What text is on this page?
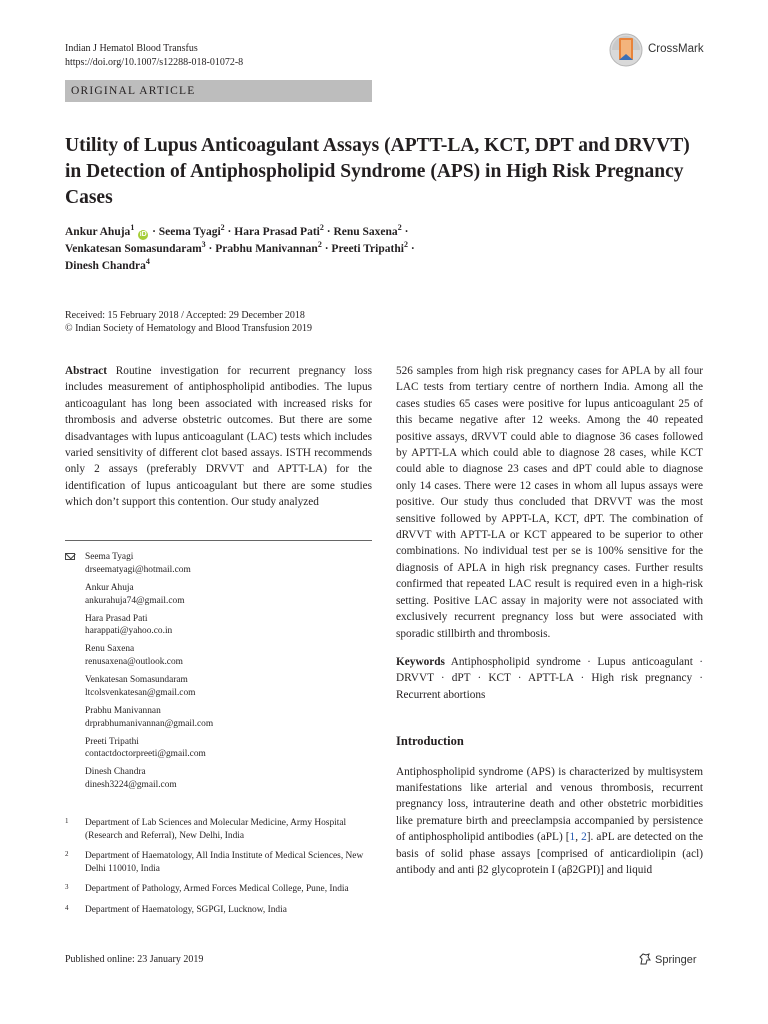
Indian J Hematol Blood Transfus
https://doi.org/10.1007/s12288-018-01072-8
CrossMark
ORIGINAL ARTICLE
Utility of Lupus Anticoagulant Assays (APTT-LA, KCT, DPT and DRVVT) in Detection of Antiphospholipid Syndrome (APS) in High Risk Pregnancy Cases
Ankur Ahuja$^1$ iD · Seema Tyagi$^2$ · Hara Prasad Pati$^2$ · Renu Saxena$^2$ ·
Venkatesan Somasundaram$^3$ · Prabhu Manivannan$^2$ · Preeti Tripathi$^2$ ·
Dinesh Chandra$^4$
Received: 15 February 2018 / Accepted: 29 December 2018
© Indian Society of Hematology and Blood Transfusion 2019
Abstract Routine investigation for recurrent pregnancy loss includes measurement of antiphospholipid antibodies. The lupus anticoagulant has long been associated with increased risks for thrombosis and adverse obstetric outcomes. But there are some disadvantages with lupus anticoagulant (LAC) tests which includes varied sensitivity of different clot based assays. ISTH recommends only 2 assays (preferably DRVVT and APTT-LA) for the identification of lupus anticoagulant but there are some studies which don’t support this contention. Our study analyzed
Seema Tyagi
drseematyagi@hotmail.com
Ankur Ahuja
ankurahuja74@gmail.com
Hara Prasad Pati
harappati@yahoo.co.in
Renu Saxena
renusaxena@outlook.com
Venkatesan Somasundaram
ltcolsvenkatesan@gmail.com
Prabhu Manivannan
drprabhumanivannan@gmail.com
Preeti Tripathi
contactdoctorpreeti@gmail.com
Dinesh Chandra
dinesh3224@gmail.com
1 Department of Lab Sciences and Molecular Medicine, Army Hospital (Research and Referral), New Delhi, India
2 Department of Haematology, All India Institute of Medical Sciences, New Delhi 110010, India
3 Department of Pathology, Armed Forces Medical College, Pune, India
4 Department of Haematology, SGPGI, Lucknow, India
526 samples from high risk pregnancy cases for APLA by all four LAC tests from tertiary centre of northern India. Among all the cases studies 65 cases were positive for lupus anticoagulant 25 of this became negative after 12 weeks. Among the 40 repeated positive assays, dRVVT could able to diagnose 36 cases followed by APTT-LA which could able to diagnose 28 cases, while KCT could able to diagnose 23 cases and dPT could able to diagnose only 14 cases. There were 12 cases in whom all lupus assays were positive. Our study thus concluded that DRVVT was the most sensitive followed by APPT-LA, KCT, dPT. The combination of dRVVT with APTT-LA or KCT appeared to be superior to other combinations. No individual test per se is 100% sensitive for the diagnosis of APLA in high risk pregnancy cases. Further results confirmed that repeated LAC result is required even in a high-risk setting. Positive LAC assay in majority were not associated with exclusively recurrent pregnancy loss but were associated with sporadic stillbirth and thrombosis.
Keywords Antiphospholipid syndrome · Lupus anticoagulant · DRVVT · dPT · KCT · APTT-LA · High risk pregnancy · Recurrent abortions
Introduction
Antiphospholipid syndrome (APS) is characterized by multisystem manifestations like arterial and venous thrombosis, recurrent pregnancy loss, intrauterine death and other obstetric morbidities like premature birth and preeclampsia accompanied by persistence of antiphospholipid antibodies (aPL) [1, 2]. aPL are detected on the basis of solid phase assays [comprised of anticardiolipin (acl) antibody and anti β2 glycoprotein I (aβ2GPI)] and liquid
Published online: 23 January 2019	Springer
